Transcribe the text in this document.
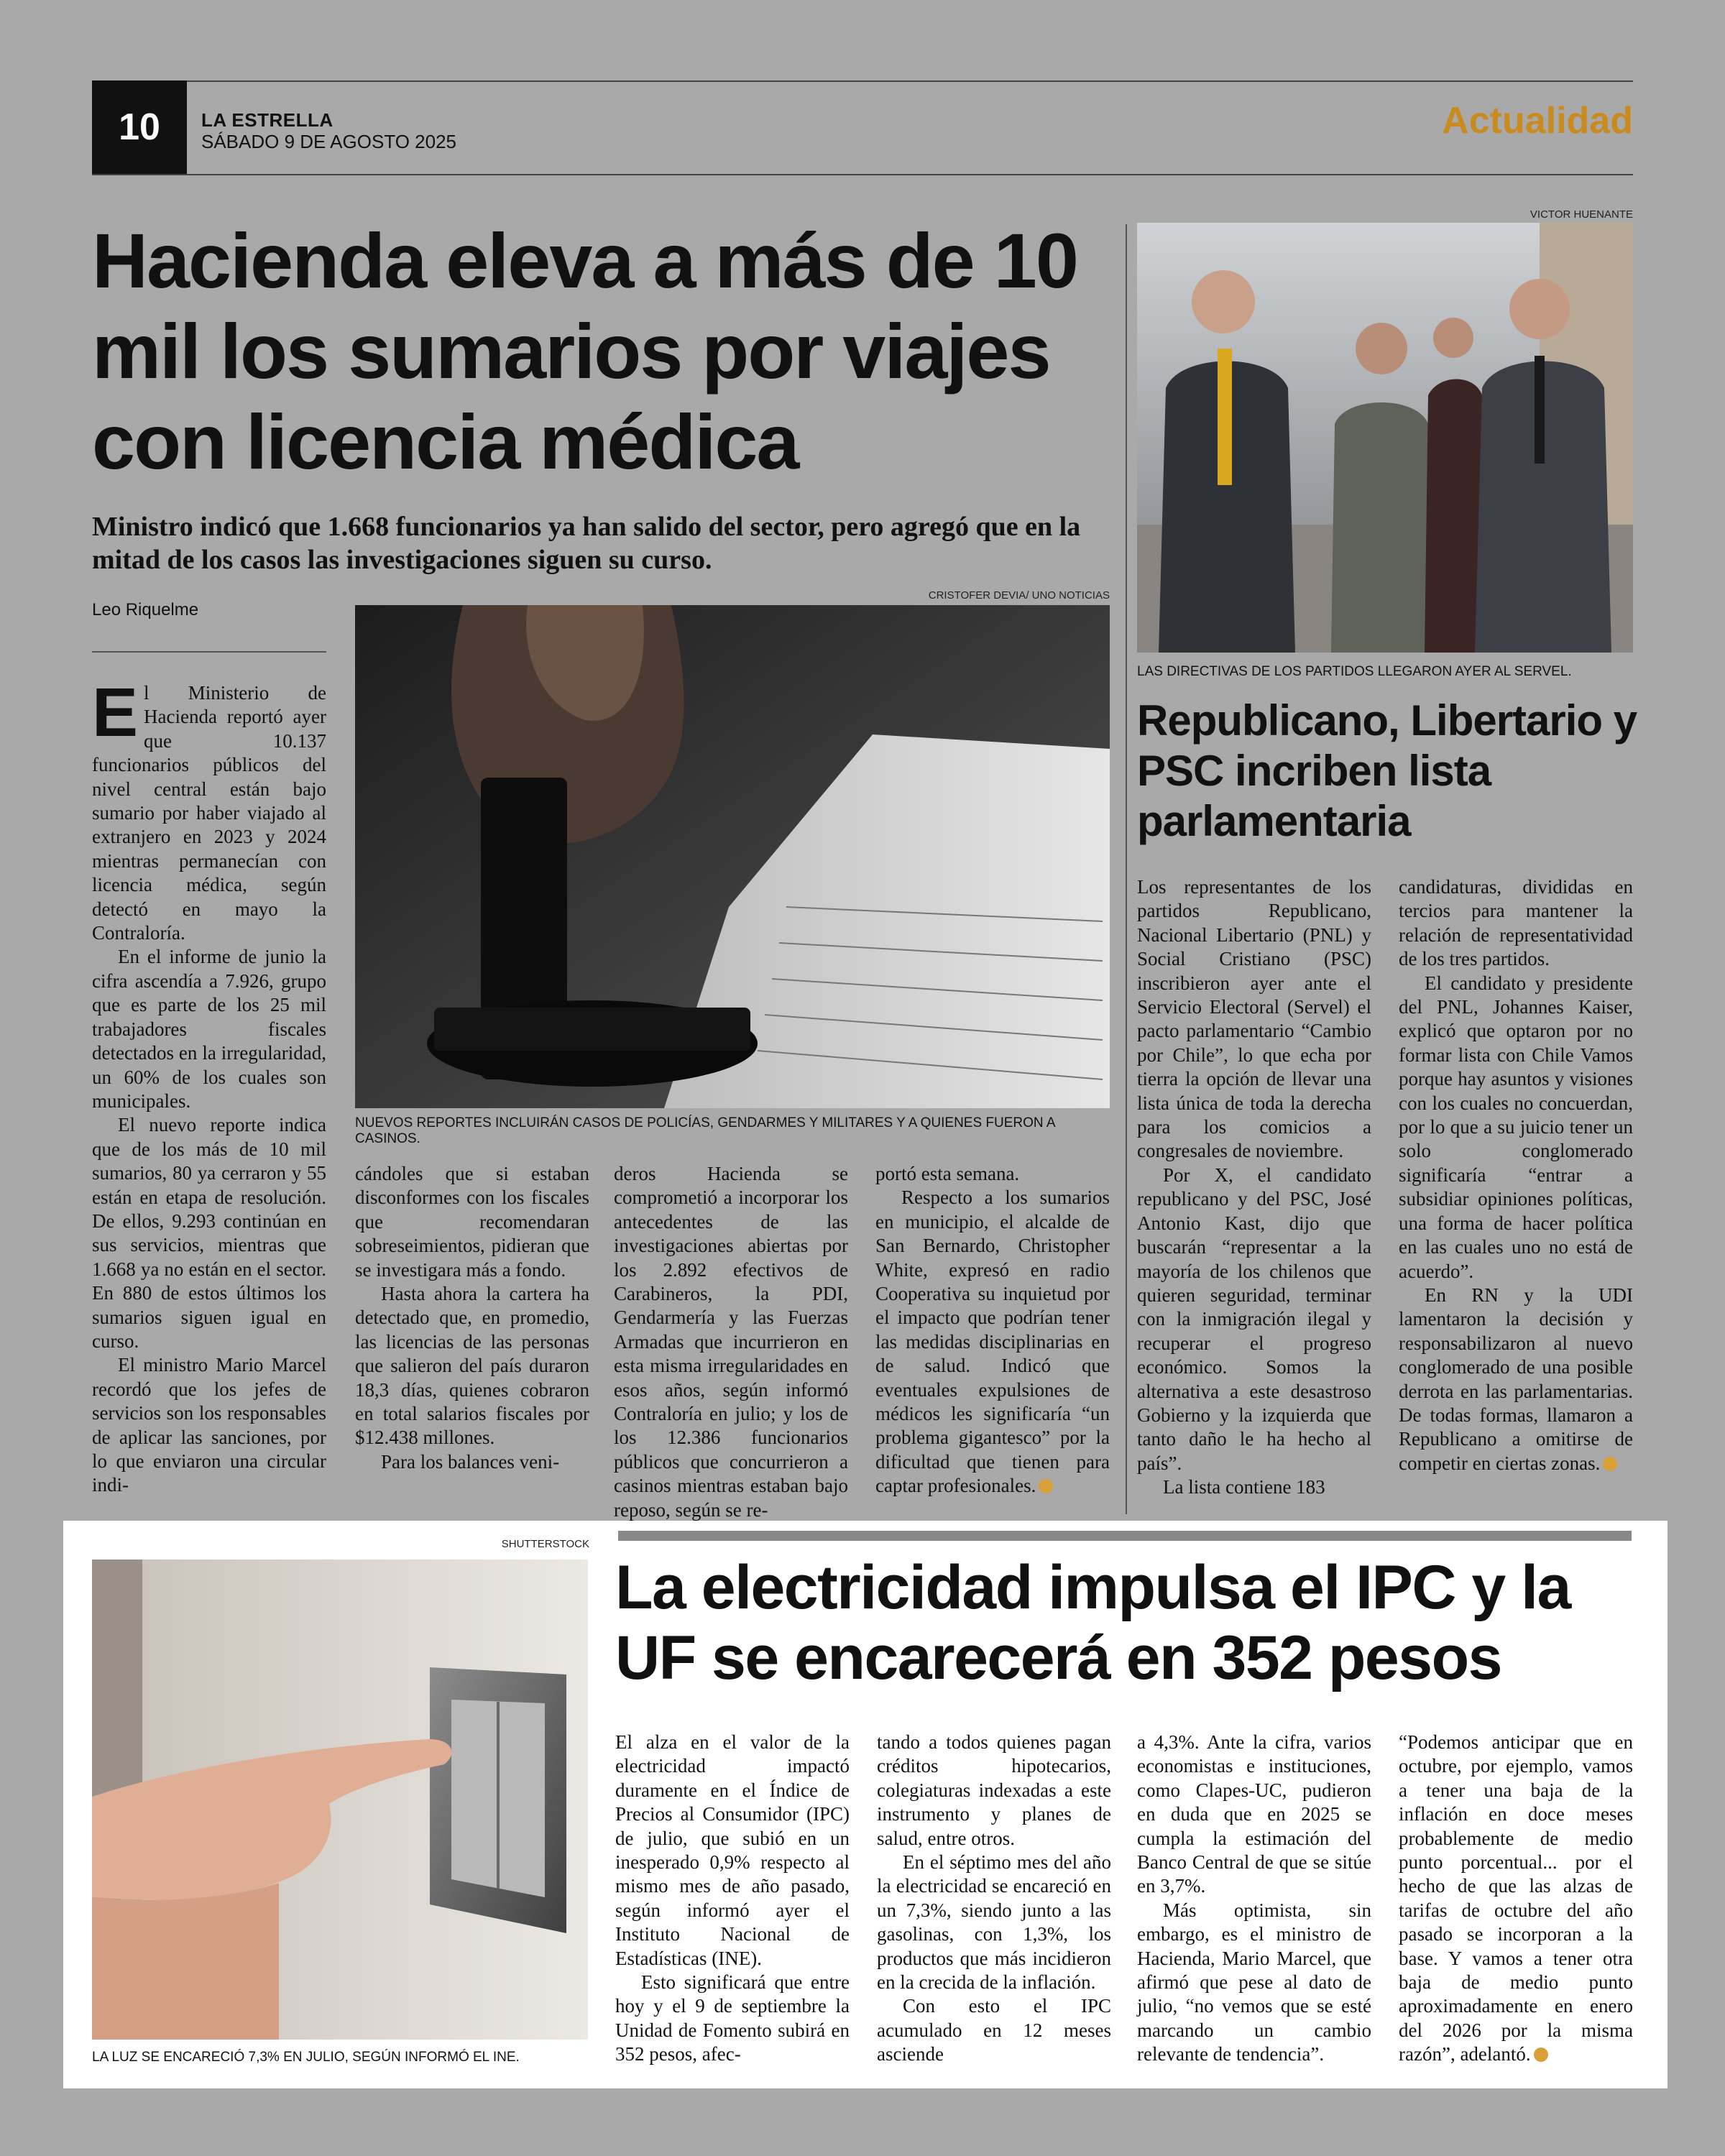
10	LA ESTRELLA
SÁBADO 9 DE AGOSTO 2025	Actualidad
Hacienda eleva a más de 10 mil los sumarios por viajes con licencia médica
Ministro indicó que 1.668 funcionarios ya han salido del sector, pero agregó que en la mitad de los casos las investigaciones siguen su curso.
Leo Riquelme
CRISTOFER DEVIA/ UNO NOTICIAS
NUEVOS REPORTES INCLUIRÁN CASOS DE POLICÍAS, GENDARMES Y MILITARES Y A QUIENES FUERON A CASINOS.

El Ministerio de Hacienda reportó ayer que 10.137 funcionarios públicos del nivel central están bajo sumario por haber viajado al extranjero en 2023 y 2024 mientras permanecían con licencia médica, según detectó en mayo la Contraloría.

En el informe de junio la cifra ascendía a 7.926, grupo que es parte de los 25 mil trabajadores fiscales detectados en la irregularidad, un 60% de los cuales son municipales.

El nuevo reporte indica que de los más de 10 mil sumarios, 80 ya cerraron y 55 están en etapa de resolución. De ellos, 9.293 continúan en sus servicios, mientras que 1.668 ya no están en el sector. En 880 de estos últimos los sumarios siguen igual en curso.

El ministro Mario Marcel recordó que los jefes de servicios son los responsables de aplicar las sanciones, por lo que enviaron una circular indi-

cándoles que si estaban disconformes con los fiscales que recomendaran sobreseimientos, pidieran que se investigara más a fondo.

Hasta ahora la cartera ha detectado que, en promedio, las licencias de las personas que salieron del país duraron 18,3 días, quienes cobraron en total salarios fiscales por $12.438 millones.

Para los balances veni-

deros Hacienda se comprometió a incorporar los antecedentes de las investigaciones abiertas por los 2.892 efectivos de Carabineros, la PDI, Gendarmería y las Fuerzas Armadas que incurrieron en esta misma irregularidades en esos años, según informó Contraloría en julio; y los de los 12.386 funcionarios públicos que concurrieron a casinos mientras estaban bajo reposo, según se re-

portó esta semana.

Respecto a los sumarios en municipio, el alcalde de San Bernardo, Christopher White, expresó en radio Cooperativa su inquietud por el impacto que podrían tener las medidas disciplinarias en de salud. Indicó que eventuales expulsiones de médicos les significaría “un problema gigantesco” por la dificultad que tienen para captar profesionales.

VICTOR HUENANTE
LAS DIRECTIVAS DE LOS PARTIDOS LLEGARON AYER AL SERVEL.
Republicano, Libertario y PSC incriben lista parlamentaria

Los representantes de los partidos Republicano, Nacional Libertario (PNL) y Social Cristiano (PSC) inscribieron ayer ante el Servicio Electoral (Servel) el pacto parlamentario “Cambio por Chile”, lo que echa por tierra la opción de llevar una lista única de toda la derecha para los comicios a congresales de noviembre.

Por X, el candidato republicano y del PSC, José Antonio Kast, dijo que buscarán “representar a la mayoría de los chilenos que quieren seguridad, terminar con la inmigración ilegal y recuperar el progreso económico. Somos la alternativa a este desastroso Gobierno y la izquierda que tanto daño le ha hecho al país”.

La lista contiene 183

candidaturas, divididas en tercios para mantener la relación de representatividad de los tres partidos.

El candidato y presidente del PNL, Johannes Kaiser, explicó que optaron por no formar lista con Chile Vamos porque hay asuntos y visiones con los cuales no concuerdan, por lo que a su juicio tener un solo conglomerado significaría “entrar a subsidiar opiniones políticas, una forma de hacer política en las cuales uno no está de acuerdo”.

En RN y la UDI lamentaron la decisión y responsabilizaron al nuevo conglomerado de una posible derrota en las parlamentarias. De todas formas, llamaron a Republicano a omitirse de competir en ciertas zonas.

SHUTTERSTOCK
LA LUZ SE ENCARECIÓ 7,3% EN JULIO, SEGÚN INFORMÓ EL INE.
La electricidad impulsa el IPC y la UF se encarecerá en 352 pesos

El alza en el valor de la electricidad impactó duramente en el Índice de Precios al Consumidor (IPC) de julio, que subió en un inesperado 0,9% respecto al mismo mes de año pasado, según informó ayer el Instituto Nacional de Estadísticas (INE).

Esto significará que entre hoy y el 9 de septiembre la Unidad de Fomento subirá en 352 pesos, afec-

tando a todos quienes pagan créditos hipotecarios, colegiaturas indexadas a este instrumento y planes de salud, entre otros.

En el séptimo mes del año la electricidad se encareció en un 7,3%, siendo junto a las gasolinas, con 1,3%, los productos que más incidieron en la crecida de la inflación.

Con esto el IPC acumulado en 12 meses asciende

a 4,3%. Ante la cifra, varios economistas e instituciones, como Clapes-UC, pudieron en duda que en 2025 se cumpla la estimación del Banco Central de que se sitúe en 3,7%.

Más optimista, sin embargo, es el ministro de Hacienda, Mario Marcel, que afirmó que pese al dato de julio, “no vemos que se esté marcando un cambio relevante de tendencia”.

“Podemos anticipar que en octubre, por ejemplo, vamos a tener una baja de la inflación en doce meses probablemente de medio punto porcentual... por el hecho de que las alzas de tarifas de octubre del año pasado se incorporan a la base. Y vamos a tener otra baja de medio punto aproximadamente en enero del 2026 por la misma razón”, adelantó.
